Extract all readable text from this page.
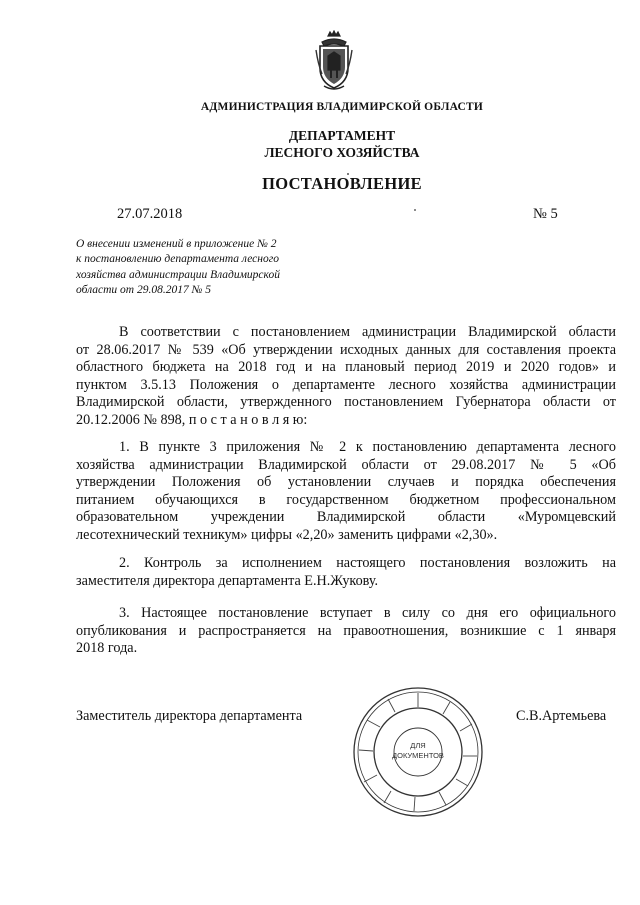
АДМИНИСТРАЦИЯ ВЛАДИМИРСКОЙ ОБЛАСТИ
ДЕПАРТАМЕНТ
ЛЕСНОГО ХОЗЯЙСТВА
ПОСТАНОВЛЕНИЕ
27.07.2018	№ 5
О внесении изменений в приложение № 2
к постановлению департамента лесного
хозяйства администрации Владимирской
области от 29.08.2017 № 5
В соответствии с постановлением администрации Владимирской области
от 28.06.2017 № 539 «Об утверждении исходных данных для составления проекта
областного бюджета на 2018 год и на плановый период 2019 и 2020 годов» и
пунктом 3.5.13 Положения о департаменте лесного хозяйства администрации
Владимирской области, утвержденного постановлением Губернатора области от
20.12.2006 № 898, п о с т а н о в л я ю:
1. В пункте 3 приложения № 2 к постановлению департамента лесного
хозяйства администрации Владимирской области от 29.08.2017 № 5 «Об
утверждении Положения об установлении случаев и порядка обеспечения
питанием обучающихся в государственном бюджетном профессиональном
образовательном учреждении Владимирской области «Муромцевский
лесотехнический техникум» цифры «2,20» заменить цифрами «2,30».
2. Контроль за исполнением настоящего постановления возложить на
заместителя директора департамента Е.Н.Жукову.
3. Настоящее постановление вступает в силу со дня его официального
опубликования и распространяется на правоотношения, возникшие с 1 января
2018 года.
ДЛЯ
ДОКУМЕНТОВ
Заместитель директора департамента	С.В.Артемьева
